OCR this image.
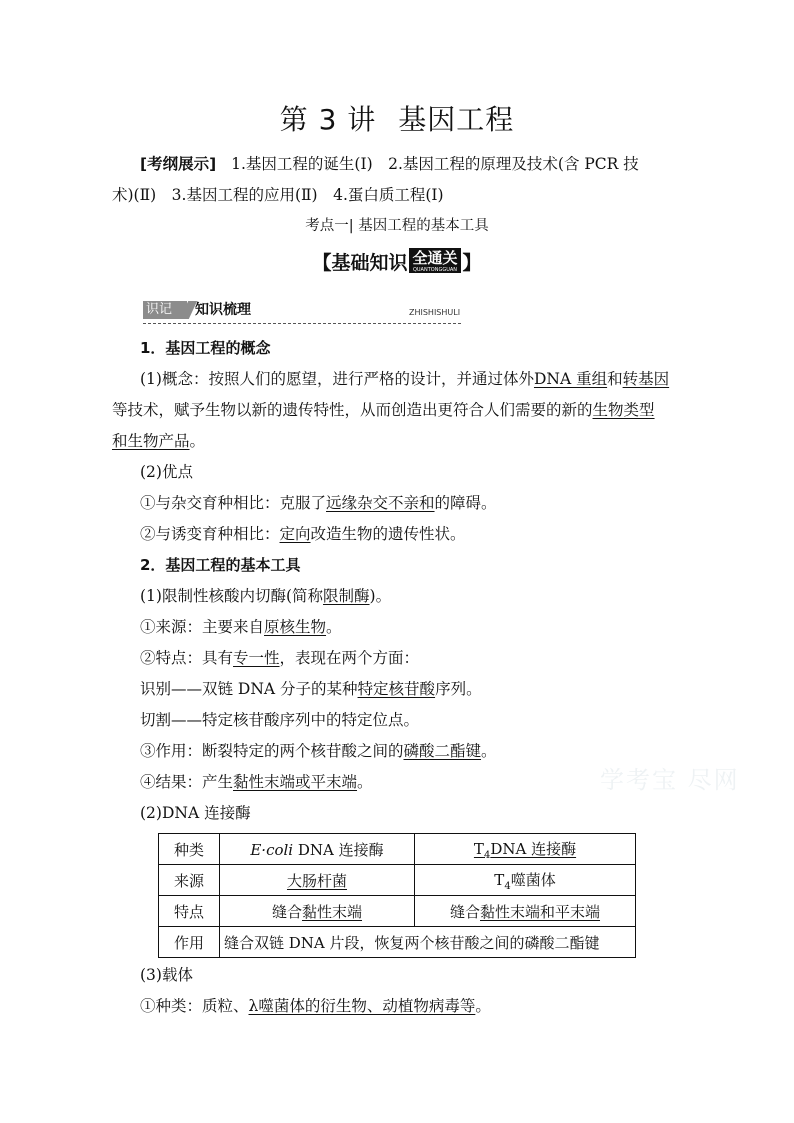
第 3 讲 基因工程
[考纲展示] 1.基因工程的诞生(Ⅰ)　2.基因工程的原理及技术(含 PCR 技
术)(Ⅱ)　3.基因工程的应用(Ⅱ)　4.蛋白质工程(Ⅰ)
考点一| 基因工程的基本工具
【基础知识 全通关
QUANTONGGUAN 】
识记	知识梳理	ZHISHISHULI
1．基因工程的概念
(1)概念：按照人们的愿望，进行严格的设计，并通过体外DNA 重组和转基因
等技术，赋予生物以新的遗传特性，从而创造出更符合人们需要的新的生物类型
和生物产品。
(2)优点
①与杂交育种相比：克服了远缘杂交不亲和的障碍。
②与诱变育种相比：定向改造生物的遗传性状。
2．基因工程的基本工具
(1)限制性核酸内切酶(简称限制酶)。
①来源：主要来自原核生物。
②特点：具有专一性，表现在两个方面：
识别——双链 DNA 分子的某种特定核苷酸序列。
切割——特定核苷酸序列中的特定位点。
③作用：断裂特定的两个核苷酸之间的磷酸二酯键。
④结果：产生黏性末端或平末端。
(2)DNA 连接酶
种类	E·coli DNA 连接酶	$T_4DNA$ 连接酶
来源	大肠杆菌	$T_4$噬菌体
特点	缝合黏性末端	缝合黏性末端和平末端
作用	缝合双链 DNA 片段，恢复两个核苷酸之间的磷酸二酯键	
(3)载体
①种类：质粒、λ噬菌体的衍生物、动植物病毒等。
学考宝 尽网
